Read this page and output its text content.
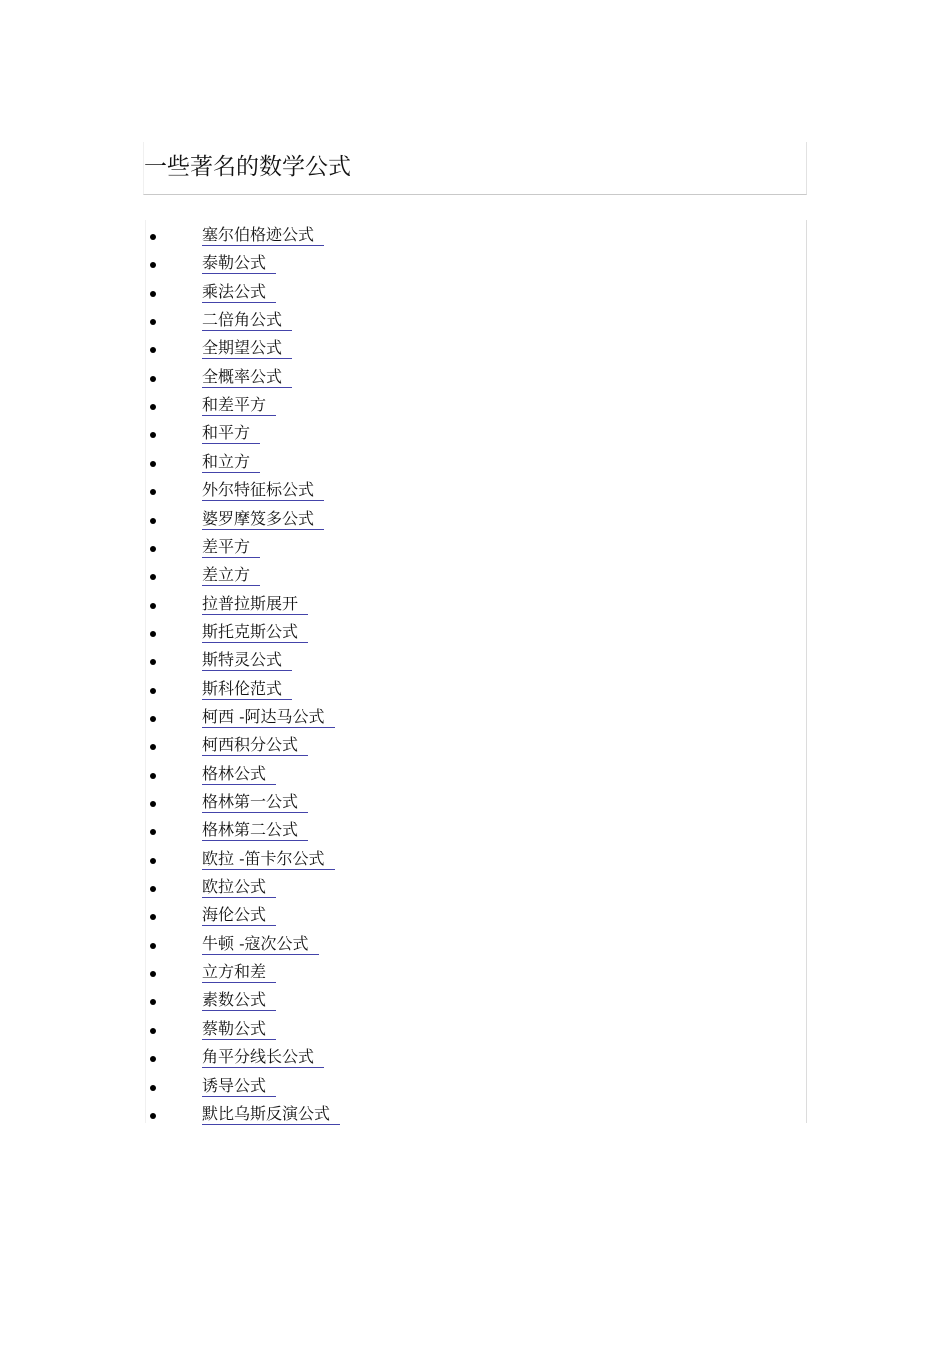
一些著名的数学公式
塞尔伯格迹公式
泰勒公式
乘法公式
二倍角公式
全期望公式
全概率公式
和差平方
和平方
和立方
外尔特征标公式
婆罗摩笈多公式
差平方
差立方
拉普拉斯展开
斯托克斯公式
斯特灵公式
斯科伦范式
柯西 -阿达马公式
柯西积分公式
格林公式
格林第一公式
格林第二公式
欧拉 -笛卡尔公式
欧拉公式
海伦公式
牛顿 -寇次公式
立方和差
素数公式
蔡勒公式
角平分线长公式
诱导公式
默比乌斯反演公式
